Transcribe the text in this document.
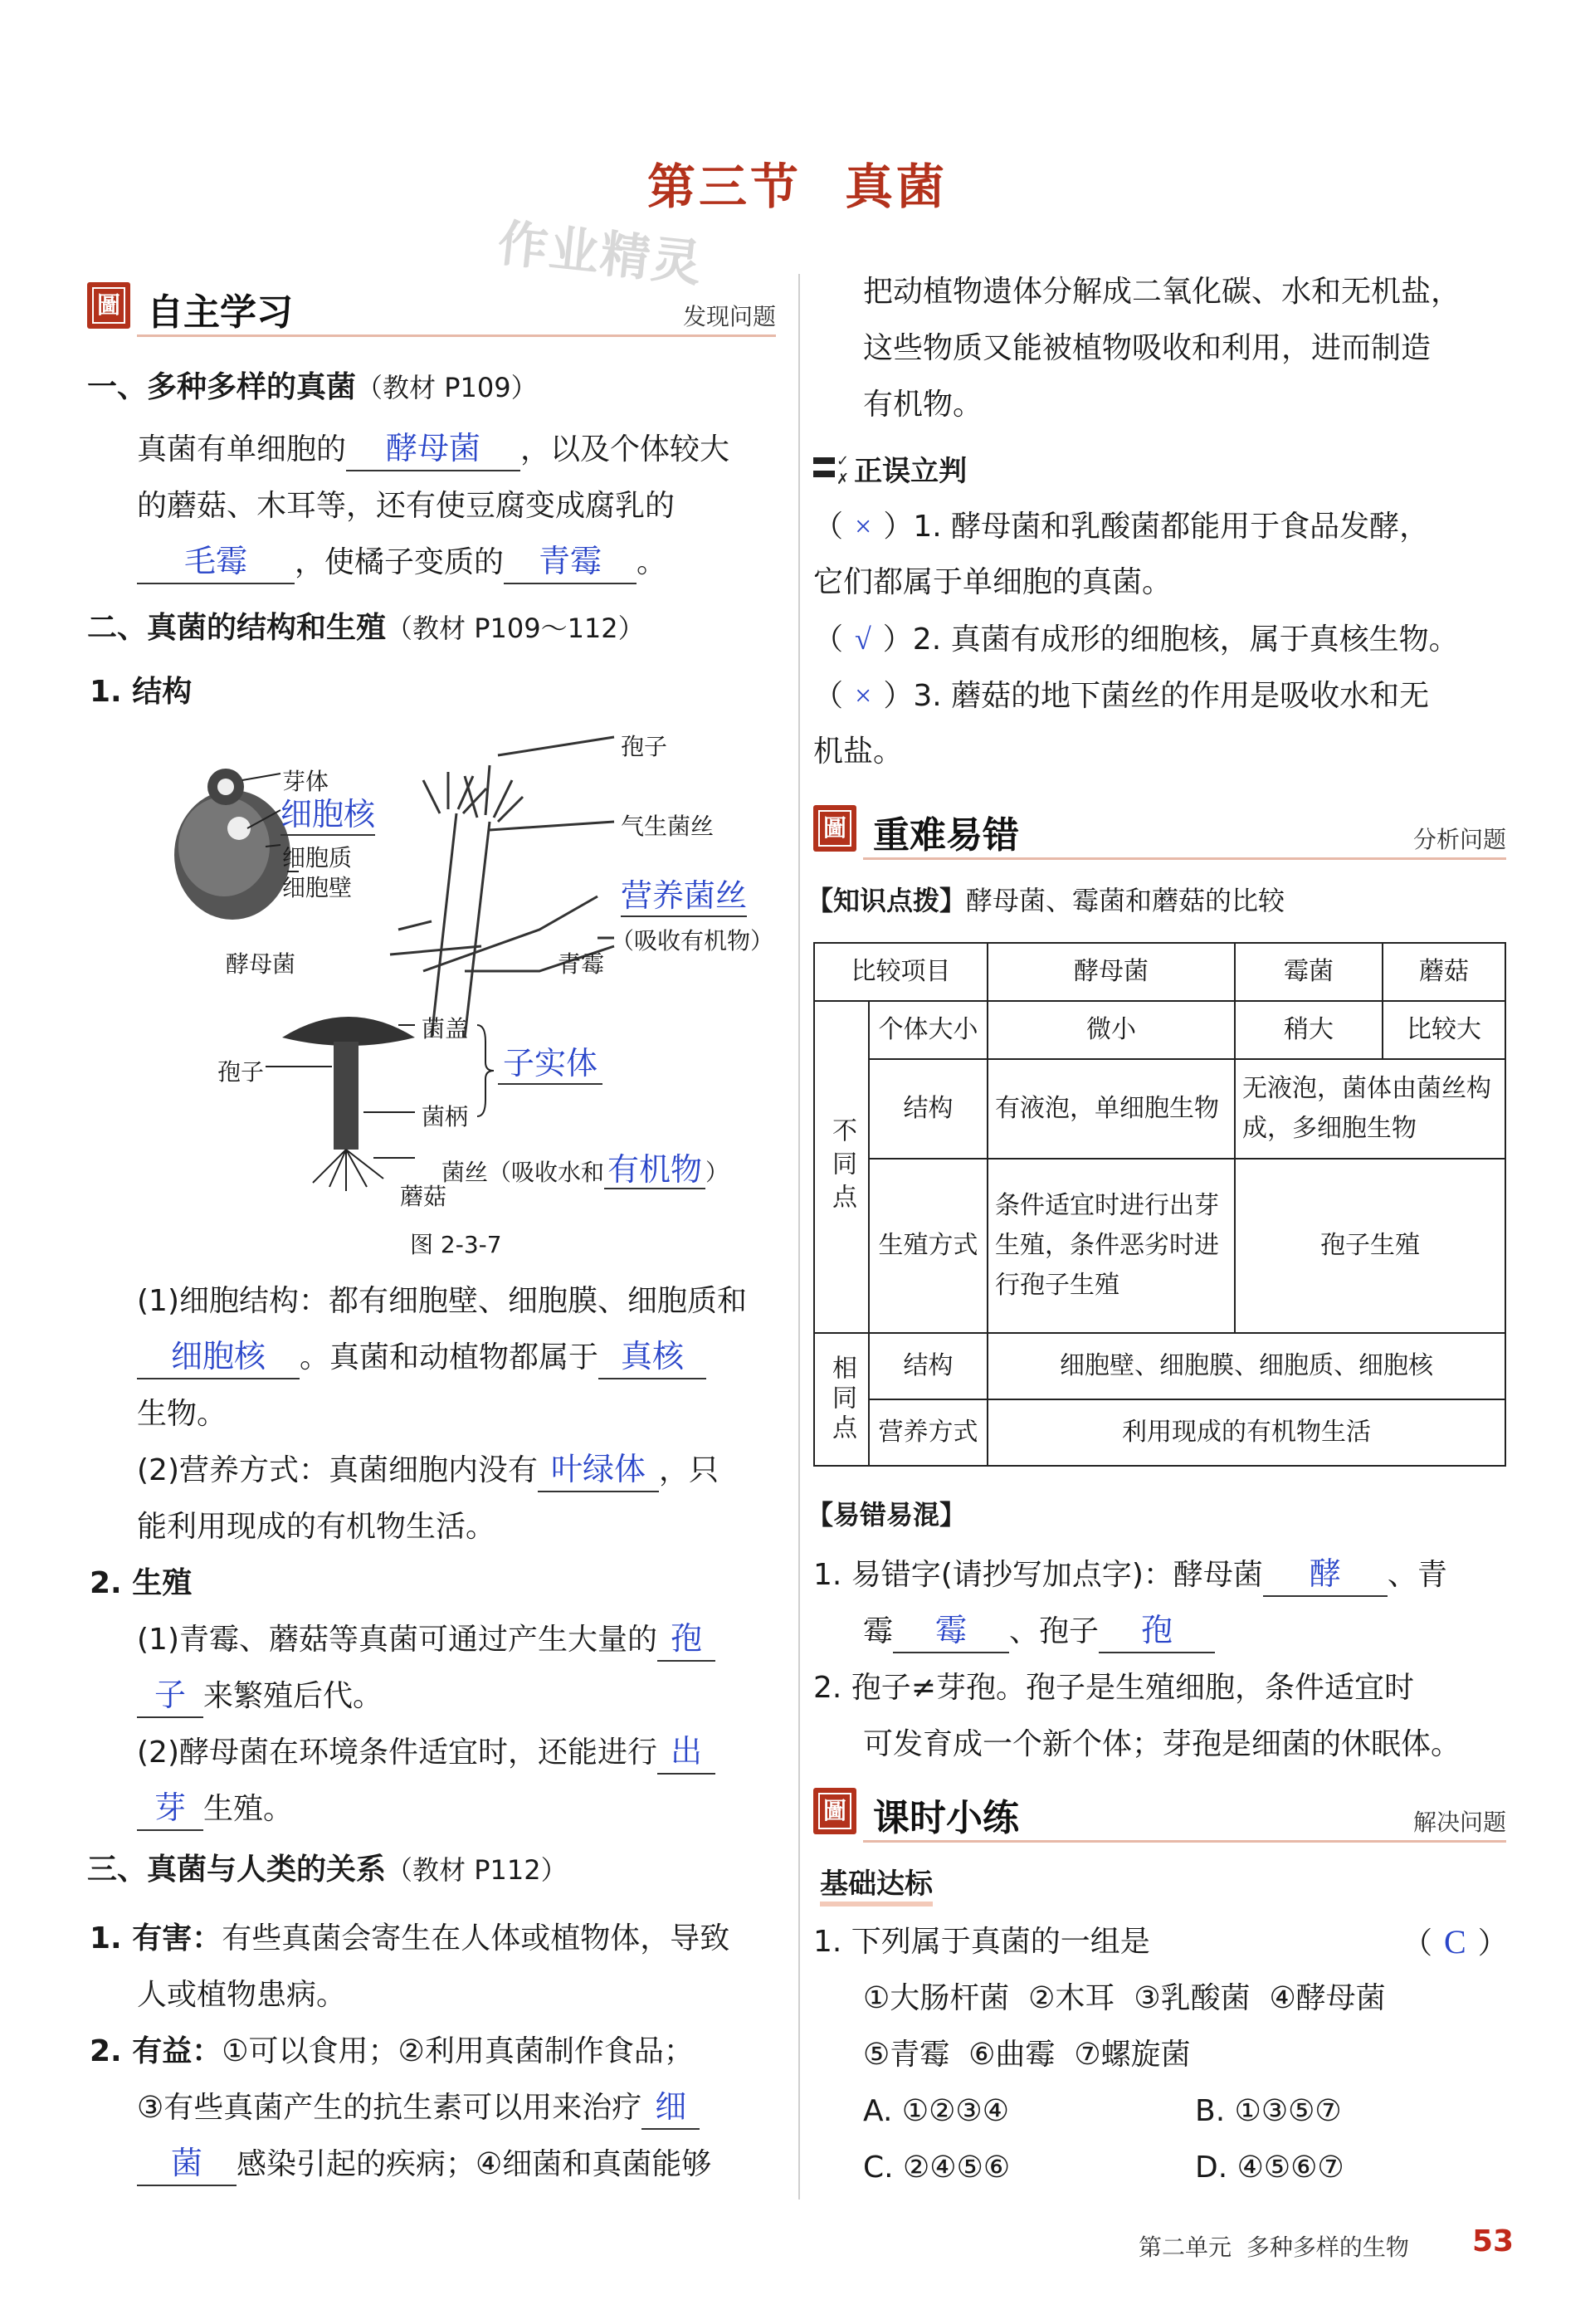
第三节 真菌
作业精灵
圖 自主学习	发现问题
一、多种多样的真菌（教材 P109）
真菌有单细胞的 酵母菌 ，以及个体较大
的蘑菇、木耳等，还有使豆腐变成腐乳的
毛霉 ，使橘子变质的 青霉 。
二、真菌的结构和生殖（教材 P109～112）
1. 结构
芽体
细胞核
细胞质
细胞壁
酵母菌
孢子
气生菌丝
营养菌丝
（吸收有机物）
青霉
孢子
菌盖
菌柄
子实体
菌丝（吸收水和 有机物 ）
蘑菇
图 2-3-7
(1)细胞结构：都有细胞壁、细胞膜、细胞质和
细胞核 。真菌和动植物都属于 真核
生物。
(2)营养方式：真菌细胞内没有 叶绿体 ，只
能利用现成的有机物生活。
2. 生殖
(1)青霉、蘑菇等真菌可通过产生大量的 孢
子 来繁殖后代。
(2)酵母菌在环境条件适宜时，还能进行 出
芽 生殖。
三、真菌与人类的关系（教材 P112）
1. 有害：有些真菌会寄生在人体或植物体，导致
人或植物患病。
2. 有益：①可以食用；②利用真菌制作食品；
③有些真菌产生的抗生素可以用来治疗 细
菌 感染引起的疾病；④细菌和真菌能够
把动植物遗体分解成二氧化碳、水和无机盐，
这些物质又能被植物吸收和利用，进而制造
有机物。
✓
✗ 正误立判
（ × ）1. 酵母菌和乳酸菌都能用于食品发酵，
它们都属于单细胞的真菌。
（ √ ）2. 真菌有成形的细胞核，属于真核生物。
（ × ）3. 蘑菇的地下菌丝的作用是吸收水和无
机盐。
圖 重难易错	分析问题
【知识点拨】酵母菌、霉菌和蘑菇的比较
比较项目		酵母菌	霉菌	蘑菇
不同点	个体大小	微小	稍大	比较大
	结构	有液泡，单细胞生物	无液泡，菌体由菌丝构成，多细胞生物	
	生殖方式	条件适宜时进行出芽生殖，条件恶劣时进行孢子生殖	孢子生殖	
相同点	结构	细胞壁、细胞膜、细胞质、细胞核		
	营养方式	利用现成的有机物生活		
【易错易混】
1. 易错字(请抄写加点字)：酵母菌 酵 、青
霉 霉 、孢子 孢
2. 孢子≠芽孢。孢子是生殖细胞，条件适宜时
可发育成一个新个体；芽孢是细菌的休眠体。
圖 课时小练	解决问题
基础达标
1. 下列属于真菌的一组是	（ C ）
①大肠杆菌  ②木耳  ③乳酸菌  ④酵母菌
⑤青霉  ⑥曲霉  ⑦螺旋菌
A. ①②③④	B. ①③⑤⑦
C. ②④⑤⑥	D. ④⑤⑥⑦
第二单元 多种多样的生物 53
